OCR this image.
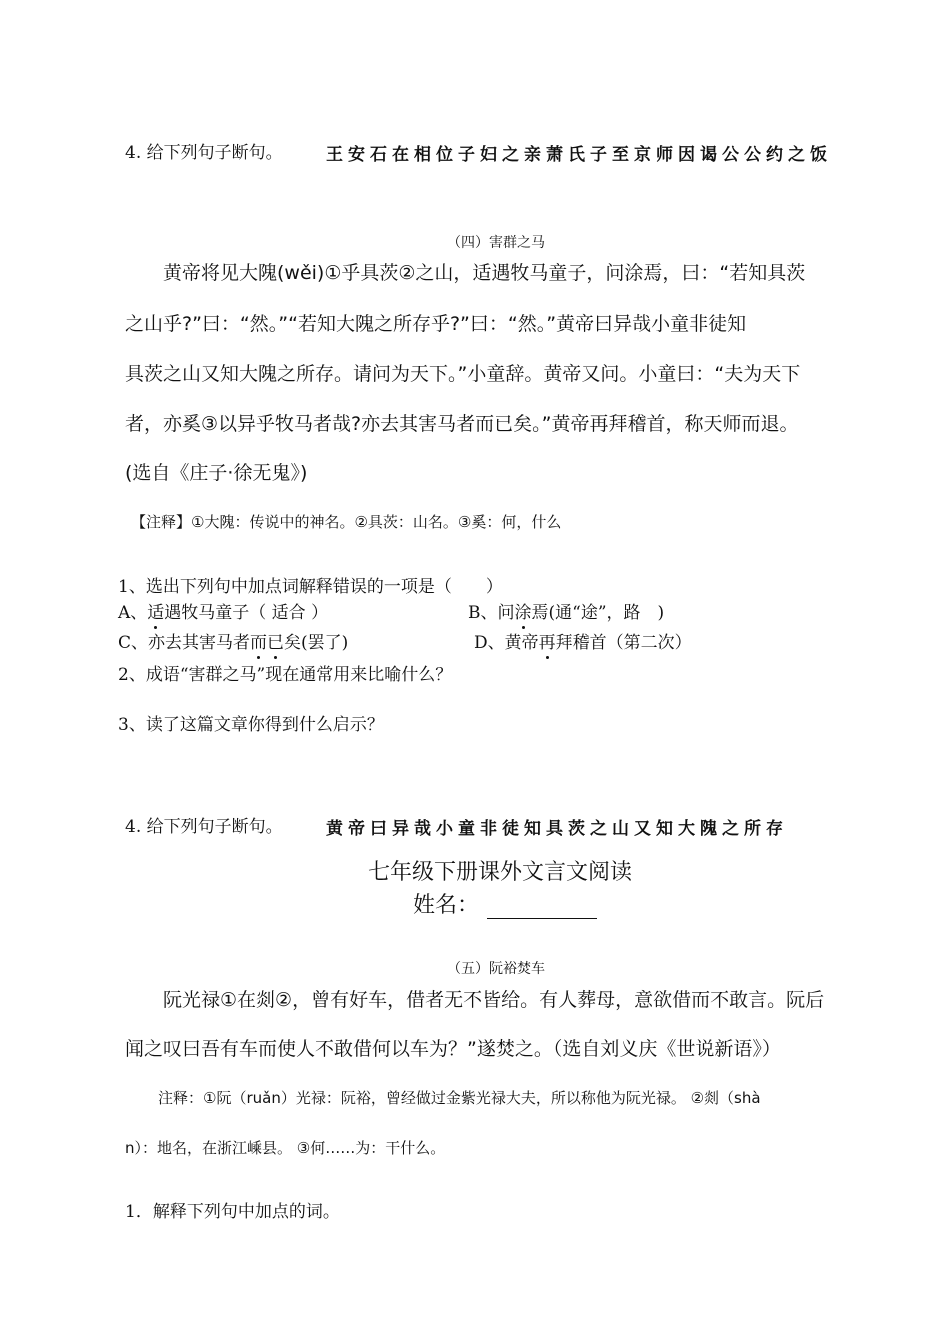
4. 给下列句子断句。	王安石在相位子妇之亲萧氏子至京师因谒公公约之饭
（四）害群之马
黄帝将见大隗(wěi)①乎具茨②之山，适遇牧马童子，问涂焉，曰：“若知具茨
之山乎?”曰：“然。”“若知大隗之所存乎?”曰：“然。”黄帝曰异哉小童非徒知
具茨之山又知大隗之所存。请问为天下。”小童辞。黄帝又问。小童曰：“夫为天下
者，亦奚③以异乎牧马者哉?亦去其害马者而已矣。”黄帝再拜稽首，称天师而退。
(选自《庄子·徐无鬼》)
【注释】①大隗：传说中的神名。②具茨：山名。③奚：何，什么
1、选出下列句中加点词解释错误的一项是（　　）
A、适遇牧马童子（ 适合 ）	B、问涂焉(通“途”，路　)
C、亦去其害马者而已矣(罢了)	D、黄帝再拜稽首（第二次）
2、成语“害群之马”现在通常用来比喻什么？
3、读了这篇文章你得到什么启示？
4. 给下列句子断句。	黄帝曰异哉小童非徒知具茨之山又知大隗之所存
七年级下册课外文言文阅读
姓名：
（五）阮裕焚车
阮光禄①在剡②，曾有好车，借者无不皆给。有人葬母，意欲借而不敢言。阮后
闻之叹曰吾有车而使人不敢借何以车为？”遂焚之。（选自刘义庆《世说新语》）
注释：①阮（ruǎn）光禄：阮裕，曾经做过金紫光禄大夫，所以称他为阮光禄。 ②剡（shà
n）：地名，在浙江嵊县。 ③何……为：干什么。
1．解释下列句中加点的词。
